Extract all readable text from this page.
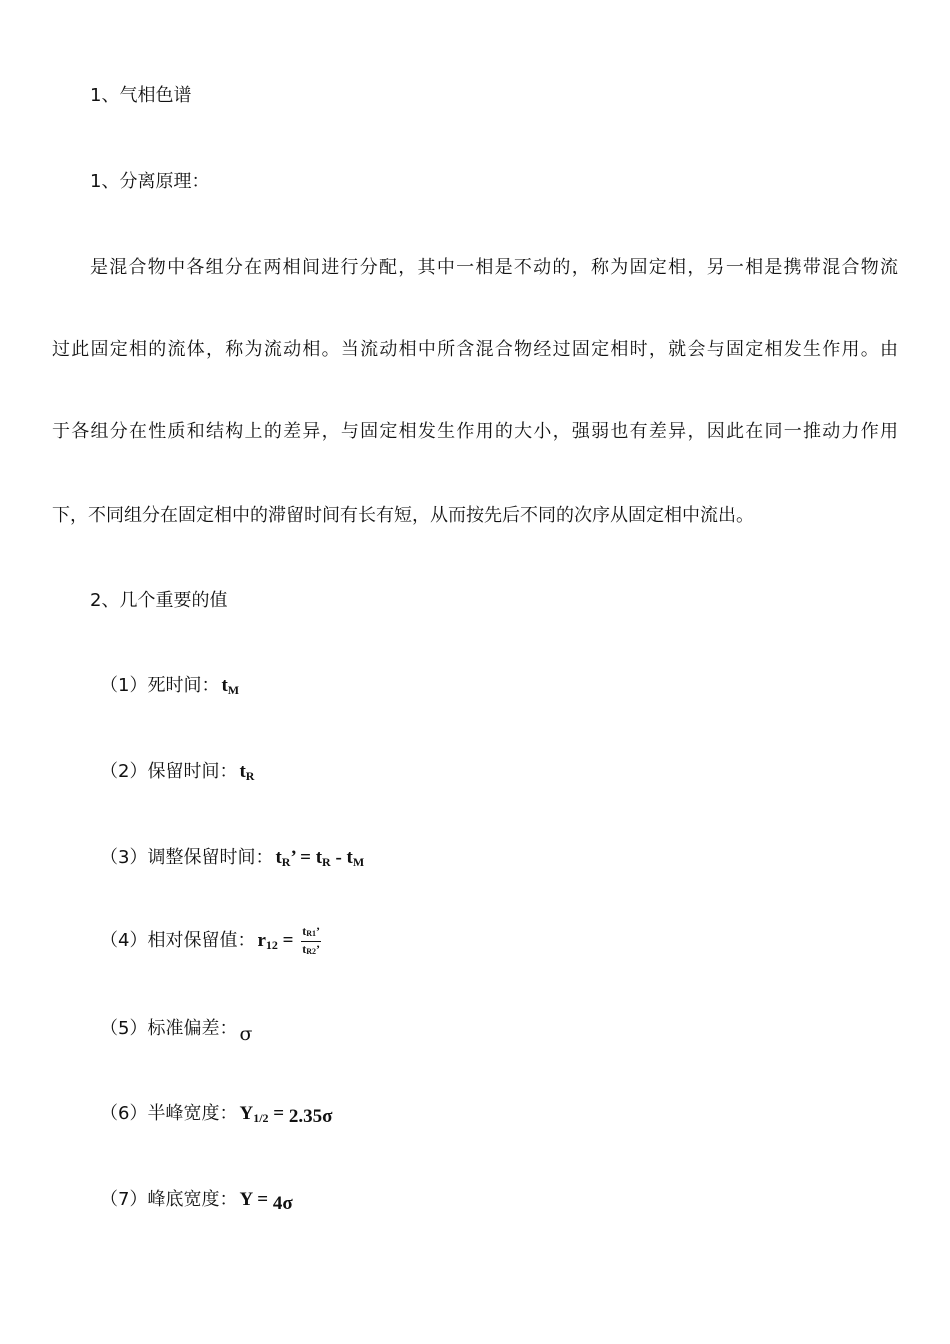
1、气相色谱
1、分离原理：
是混合物中各组分在两相间进行分配，其中一相是不动的，称为固定相，另一相是携带混合物流
过此固定相的流体，称为流动相。当流动相中所含混合物经过固定相时，就会与固定相发生作用。由
于各组分在性质和结构上的差异，与固定相发生作用的大小，强弱也有差异，因此在同一推动力作用
下，不同组分在固定相中的滞留时间有长有短，从而按先后不同的次序从固定相中流出。
2、几个重要的值
（1）死时间： $t_M$
（2）保留时间： $t_R$
（3）调整保留时间： $t_R$’ = $t_R - t_M$
（4）相对保留值： $r_{12} = \frac{t_{R1}’}{t_{R2}’}$
（5）标准偏差： σ
（6）半峰宽度： $Y_{1/2} = 2.35\sigma$
（7）峰底宽度： Y = 4σ
